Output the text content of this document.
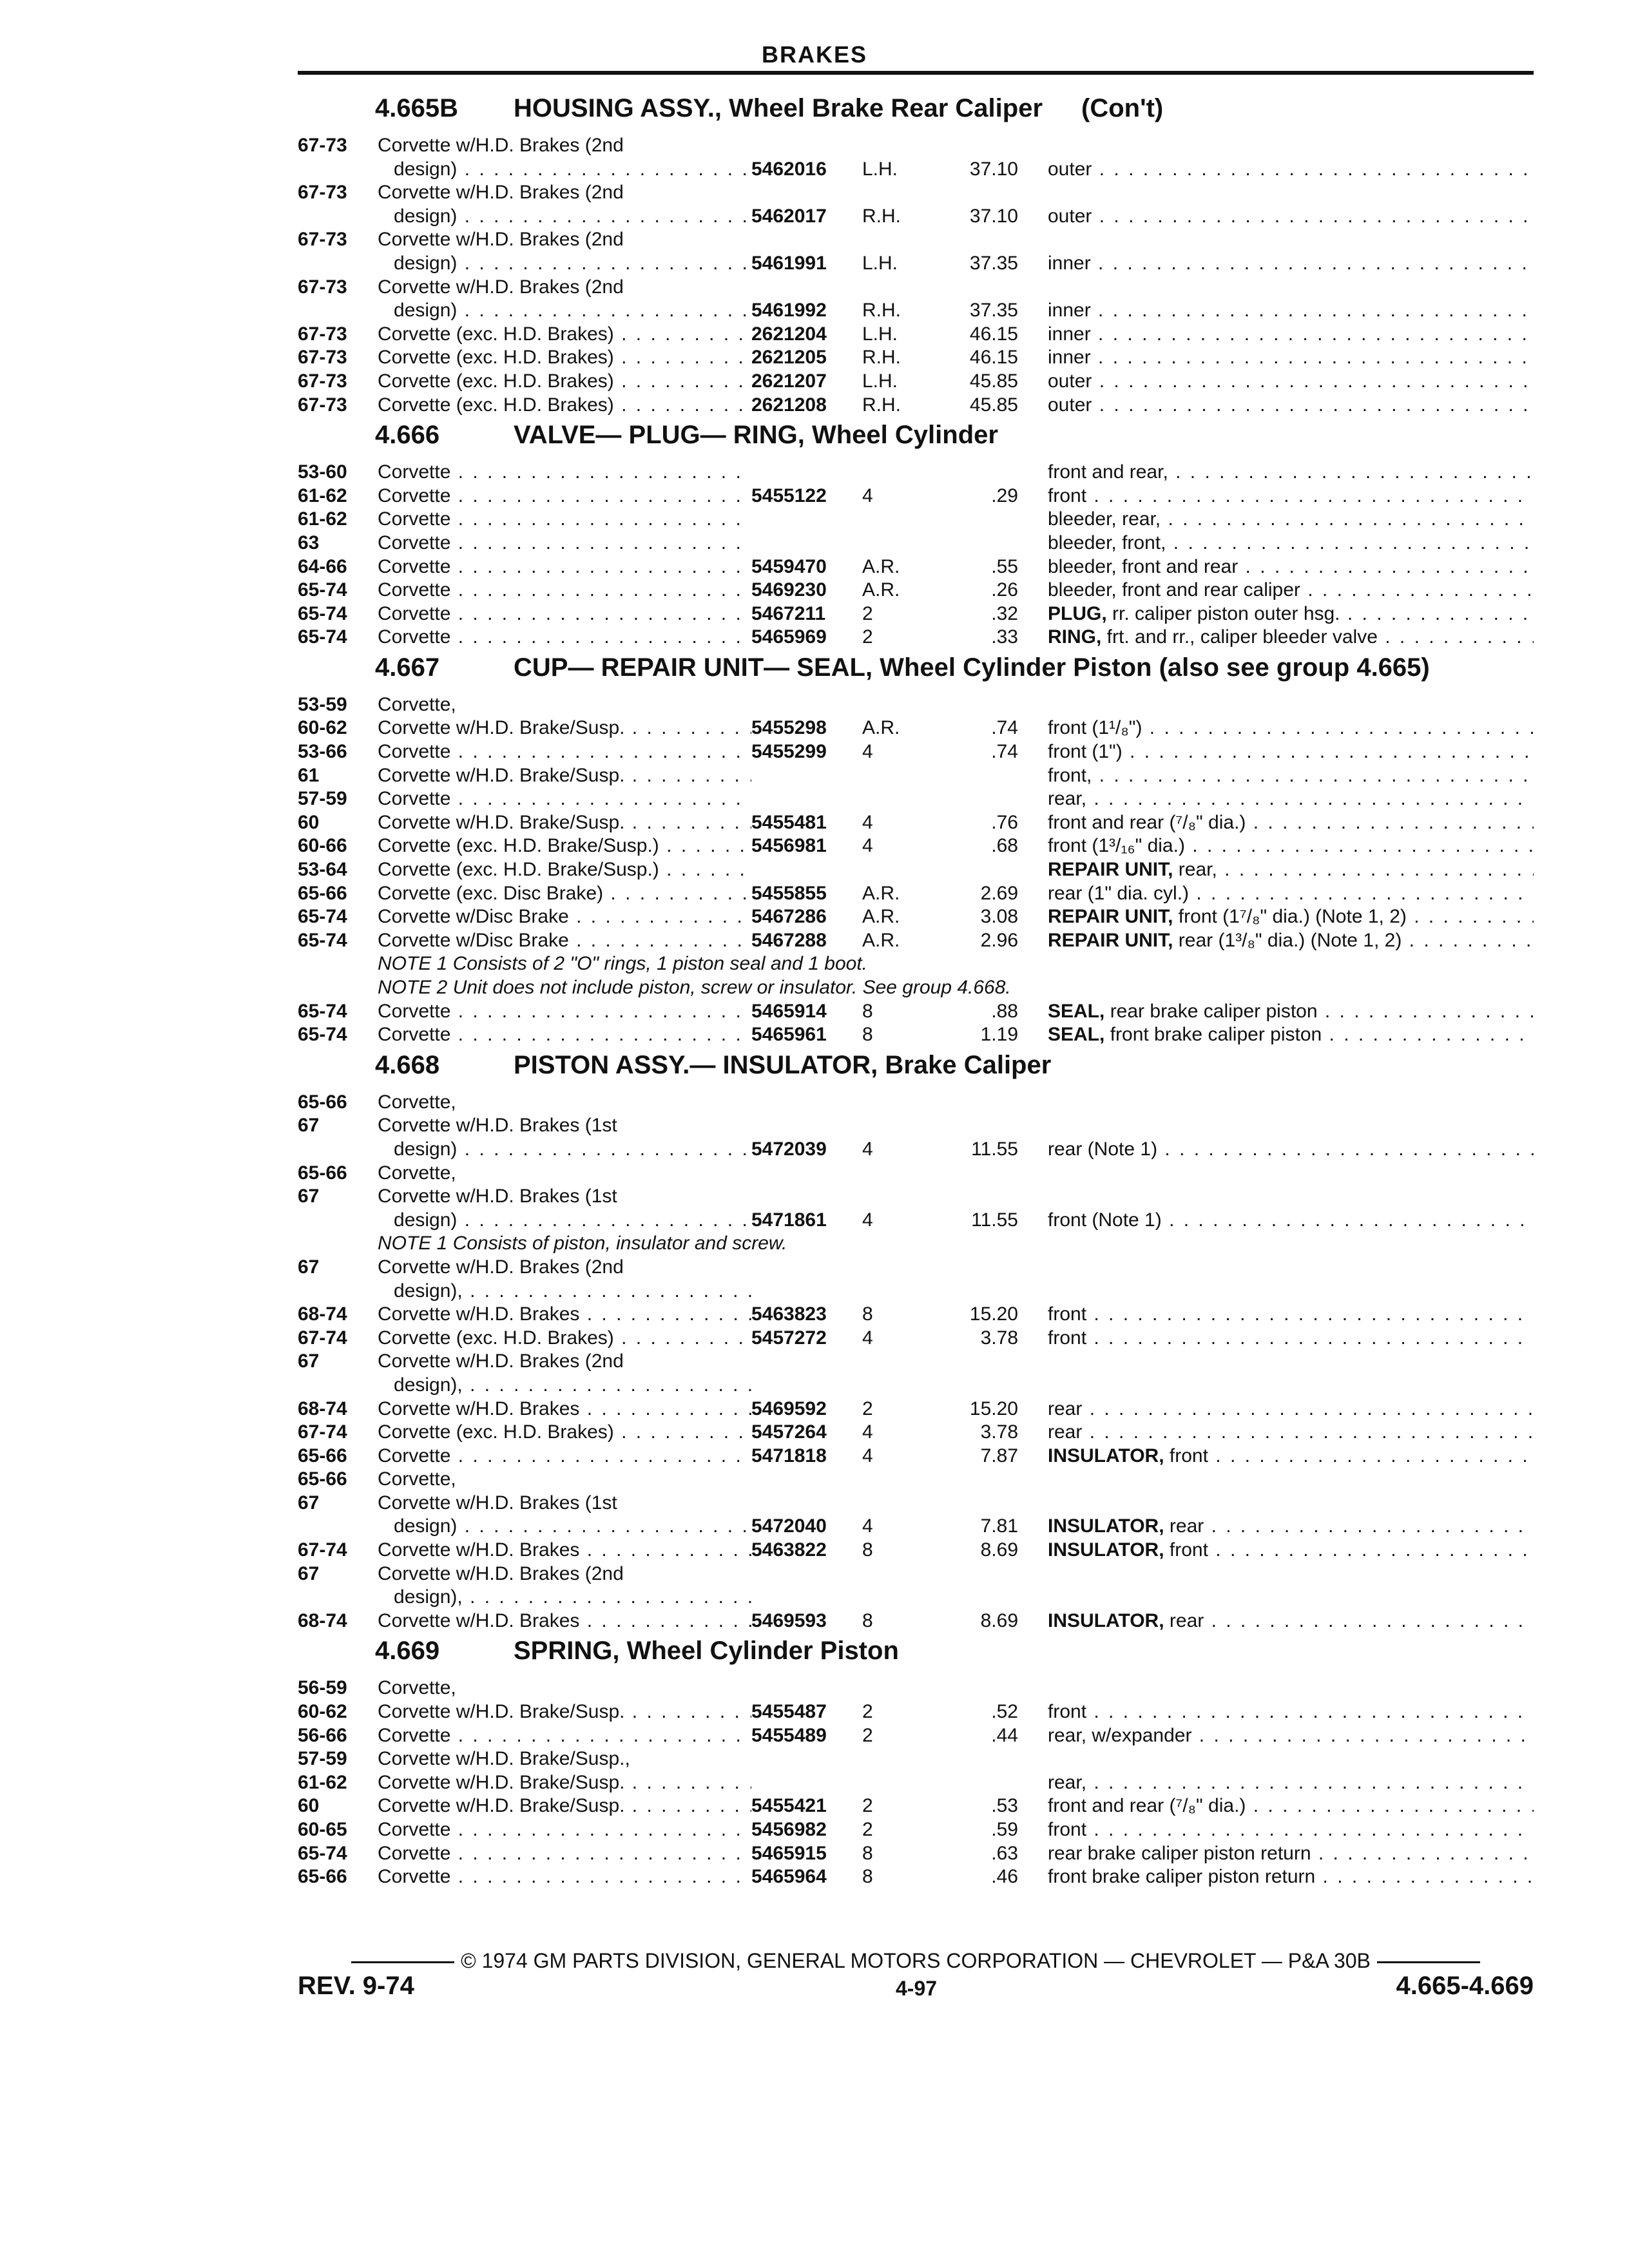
BRAKES
4.665B	HOUSING ASSY., Wheel Brake Rear Caliper (Con't)
67-73	Corvette w/H.D. Brakes (2nd
design) . . .	5462016	L.H.	37.10	outer . . .
67-73	Corvette w/H.D. Brakes (2nd
design) . . .	5462017	R.H.	37.10	outer . . .
67-73	Corvette w/H.D. Brakes (2nd
design) . . .	5461991	L.H.	37.35	inner . . .
67-73	Corvette w/H.D. Brakes (2nd
design) . . .	5461992	R.H.	37.35	inner . . .
67-73	Corvette (exc. H.D. Brakes) . . .	2621204	L.H.	46.15	inner . . .
67-73	Corvette (exc. H.D. Brakes) . . .	2621205	R.H.	46.15	inner . . .
67-73	Corvette (exc. H.D. Brakes) . . .	2621207	L.H.	45.85	outer . . .
67-73	Corvette (exc. H.D. Brakes) . . .	2621208	R.H.	45.85	outer . . .
4.666	VALVE— PLUG— RING, Wheel Cylinder
53-60	Corvette . . .	front and rear, . . .
61-62	Corvette . . .	5455122	4	.29	front . . .
61-62	Corvette . . .	bleeder, rear, . . .
63	Corvette . . .	bleeder, front, . . .
64-66	Corvette . . .	5459470	A.R.	.55	bleeder, front and rear . . .
65-74	Corvette . . .	5469230	A.R.	.26	bleeder, front and rear caliper . . .
65-74	Corvette . . .	5467211	2	.32	PLUG, rr. caliper piston outer hsg. . . .
65-74	Corvette . . .	5465969	2	.33	RING, frt. and rr., caliper bleeder valve . . .
4.667	CUP— REPAIR UNIT— SEAL, Wheel Cylinder Piston (also see group 4.665)
53-59	Corvette,
60-62	Corvette w/H.D. Brake/Susp. . . .	5455298	A.R.	.74	front (1¹/₈") . . .
53-66	Corvette . . .	5455299	4	.74	front (1") . . .
61	Corvette w/H.D. Brake/Susp. . . .	front, . . .
57-59	Corvette . . .	rear, . . .
60	Corvette w/H.D. Brake/Susp. . . .	5455481	4	.76	front and rear (⁷/₈" dia.) . . .
60-66	Corvette (exc. H.D. Brake/Susp.) . . .	5456981	4	.68	front (1³/₁₆" dia.) . . .
53-64	Corvette (exc. H.D. Brake/Susp.) . . .	REPAIR UNIT, rear, . . .
65-66	Corvette (exc. Disc Brake) . . .	5455855	A.R.	2.69	rear (1" dia. cyl.) . . .
65-74	Corvette w/Disc Brake . . .	5467286	A.R.	3.08	REPAIR UNIT, front (1⁷/₈" dia.) (Note 1, 2) . . .
65-74	Corvette w/Disc Brake . . .	5467288	A.R.	2.96	REPAIR UNIT, rear (1³/₈" dia.) (Note 1, 2) . . .
NOTE 1 Consists of 2 "O" rings, 1 piston seal and 1 boot.
NOTE 2 Unit does not include piston, screw or insulator. See group 4.668.
65-74	Corvette . . .	5465914	8	.88	SEAL, rear brake caliper piston . . .
65-74	Corvette . . .	5465961	8	1.19	SEAL, front brake caliper piston . . .
4.668	PISTON ASSY.— INSULATOR, Brake Caliper
65-66	Corvette,
67	Corvette w/H.D. Brakes (1st
design) . . .	5472039	4	11.55	rear (Note 1) . . .
65-66	Corvette,
67	Corvette w/H.D. Brakes (1st
design) . . .	5471861	4	11.55	front (Note 1) . . .
NOTE 1 Consists of piston, insulator and screw.
67	Corvette w/H.D. Brakes (2nd
design), . . .
68-74	Corvette w/H.D. Brakes . . .	5463823	8	15.20	front . . .
67-74	Corvette (exc. H.D. Brakes) . . .	5457272	4	3.78	front . . .
67	Corvette w/H.D. Brakes (2nd
design), . . .
68-74	Corvette w/H.D. Brakes . . .	5469592	2	15.20	rear . . .
67-74	Corvette (exc. H.D. Brakes) . . .	5457264	4	3.78	rear . . .
65-66	Corvette . . .	5471818	4	7.87	INSULATOR, front . . .
65-66	Corvette,
67	Corvette w/H.D. Brakes (1st
design) . . .	5472040	4	7.81	INSULATOR, rear . . .
67-74	Corvette w/H.D. Brakes . . .	5463822	8	8.69	INSULATOR, front . . .
67	Corvette w/H.D. Brakes (2nd
design), . . .
68-74	Corvette w/H.D. Brakes . . .	5469593	8	8.69	INSULATOR, rear . . .
4.669	SPRING, Wheel Cylinder Piston
56-59	Corvette,
60-62	Corvette w/H.D. Brake/Susp. . . .	5455487	2	.52	front . . .
56-66	Corvette . . .	5455489	2	.44	rear, w/expander . . .
57-59	Corvette w/H.D. Brake/Susp.,
61-62	Corvette w/H.D. Brake/Susp. . . .	rear, . . .
60	Corvette w/H.D. Brake/Susp. . . .	5455421	2	.53	front and rear (⁷/₈" dia.) . . .
60-65	Corvette . . .	5456982	2	.59	front . . .
65-74	Corvette . . .	5465915	8	.63	rear brake caliper piston return . . .
65-66	Corvette . . .	5465964	8	.46	front brake caliper piston return . . .
© 1974 GM PARTS DIVISION, GENERAL MOTORS CORPORATION — CHEVROLET — P&A 30B
REV. 9-74	4-97	4.665-4.669
